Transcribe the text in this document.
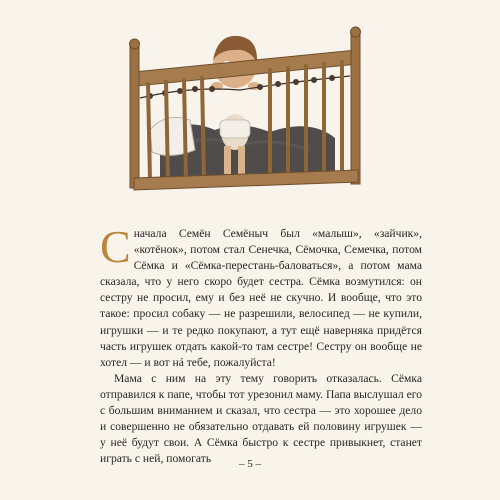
Сначала Семён Семёныч был «малыш», «зайчик», «котёнок», потом стал Сенечка, Сёмочка, Семечка, потом Сёмка и «Сёмка-перестань-баловаться», а потом мама сказала, что у него скоро будет сестра. Сёмка возмутился: он сестру не просил, ему и без неё не скучно. И вообще, что это такое: просил собаку — не разрешили, велосипед — не купили, игрушки — и те редко покупают, а тут ещё наверняка придётся часть игрушек отдать какой-то там сестре! Сестру он вообще не хотел — и вот нá тебе, пожалуйста!

Мама с ним на эту тему говорить отказалась. Сёмка отправился к папе, чтобы тот урезонил маму. Папа выслушал его с большим вниманием и сказал, что сестра — это хорошее дело и совершенно не обязательно отдавать ей половину игрушек — у неё будут свои. А Сёмка быстро к сестре привыкнет, станет играть с ней, помогать	– 5 –
